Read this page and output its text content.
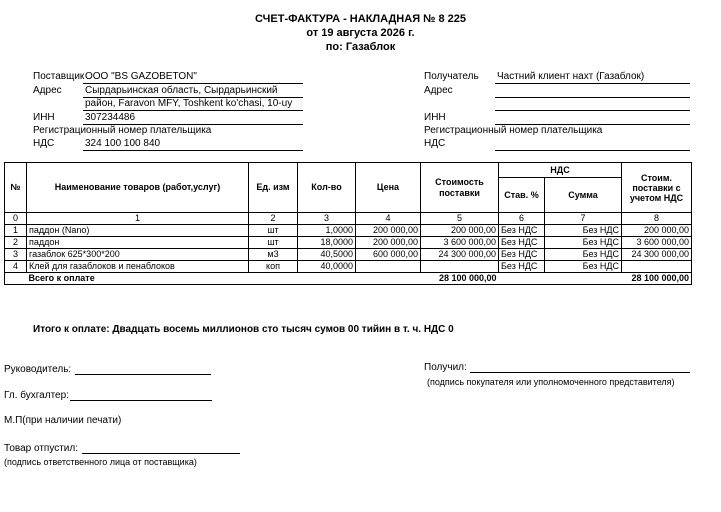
СЧЕТ-ФАКТУРА - НАКЛАДНАЯ № 8 225
от 19 августа 2026 г.
по: Газаблок
Поставщик ООО "BS GAZOBETON"
Адрес Сырдарьинская область, Сырдарьинский
район, Faravon MFY, Toshkent ko'chasi, 10-uy
ИНН	307234486
Регистрационный номер плательщика
НДС	324 100 100 840
Получатель Частний клиент нахт (Газаблок)
Адрес
ИНН
Регистрационный номер плательщика
НДС
№	Наименование товаров (работ,услуг)	Ед. изм	Кол-во	Цена	Стоимость поставки	НДС		Стоим. поставки с учетом НДС
						Став. %	Сумма	
0	1	2	3	4	5	6	7	8
1	паддон (Nano)	шт	1,0000	200 000,00	200 000,00	Без НДС	Без НДС	200 000,00
2	паддон	шт	18,0000	200 000,00	3 600 000,00	Без НДС	Без НДС	3 600 000,00
3	газаблок 625*300*200	м3	40,5000	600 000,00	24 300 000,00	Без НДС	Без НДС	24 300 000,00
4	Клей для газаблоков и пенаблоков	коп	40,0000			Без НДС	Без НДС	
	Всего к оплате				28 100 000,00			28 100 000,00
Итого к оплате: Двадцать восемь миллионов сто тысяч сумов 00 тийин в т. ч. НДС 0
Руководитель:
Гл. бухгалтер:
М.П(при наличии печати)
Товар отпустил:
(подпись ответственного лица от поставщика)
Получил:
(подпись покупателя или уполномоченного представителя)
